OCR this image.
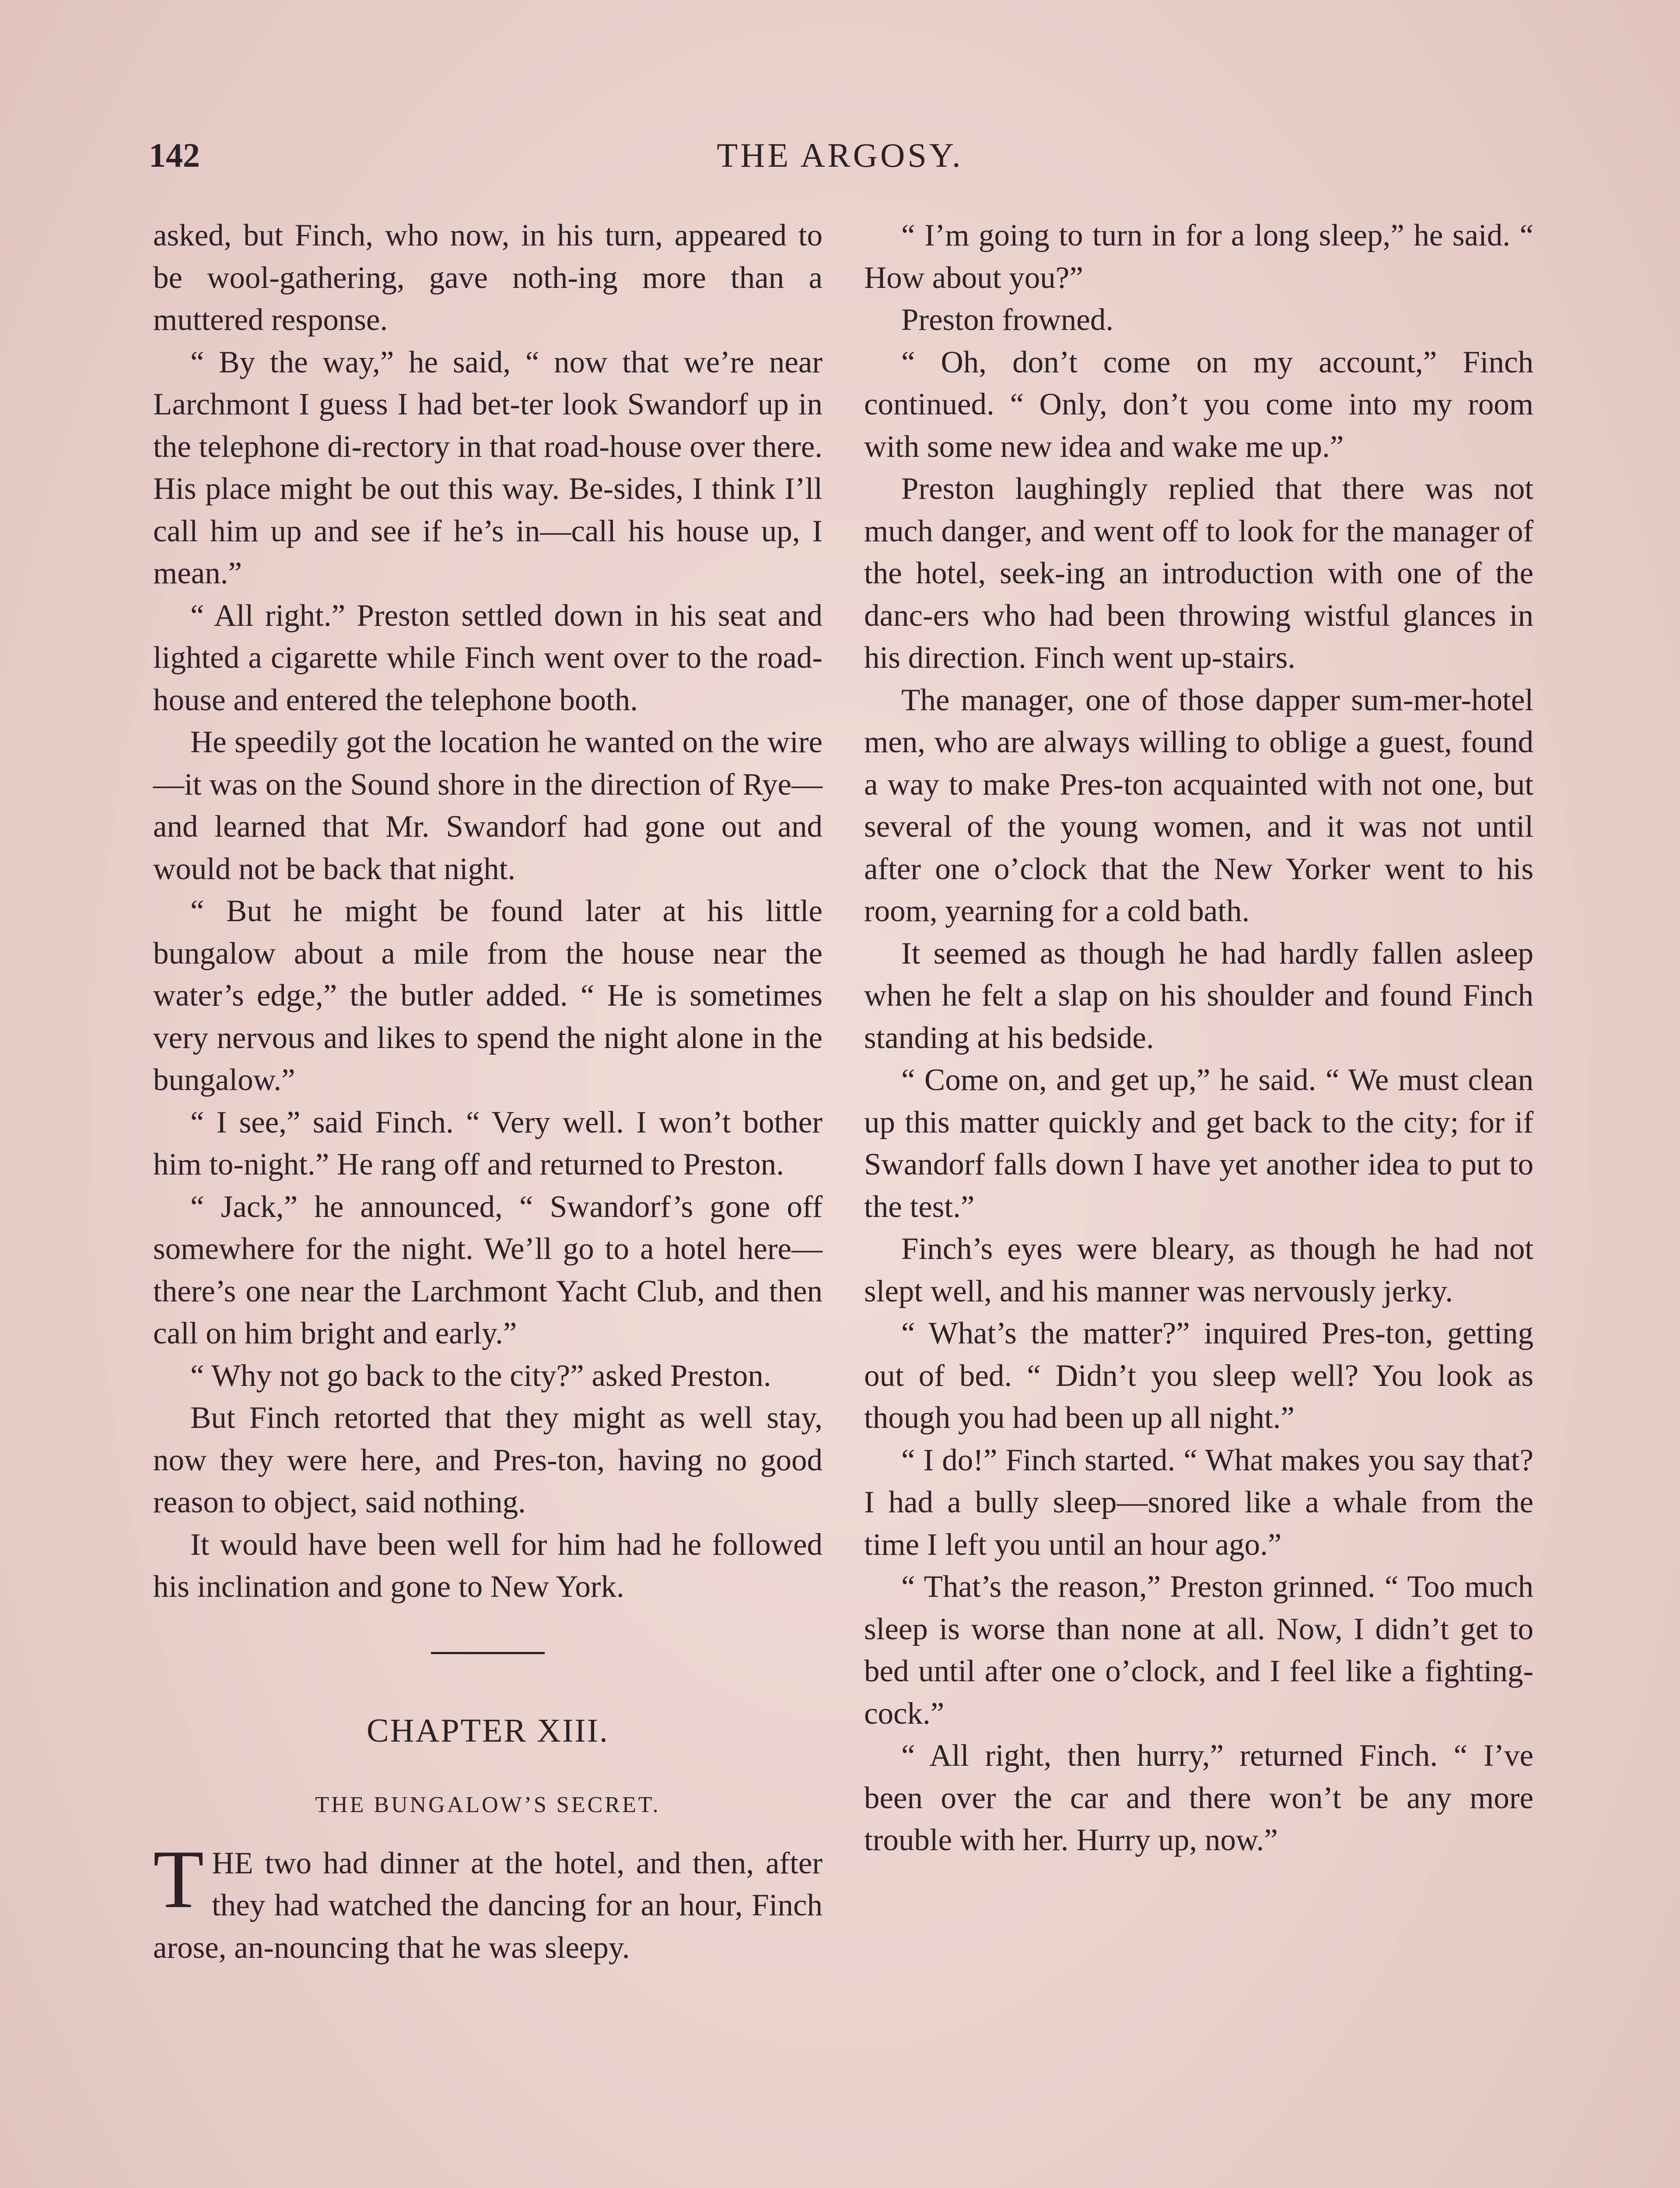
142	THE ARGOSY.

asked, but Finch, who now, in his turn, appeared to be wool-gathering, gave noth-ing more than a muttered response.

“ By the way,” he said, “ now that we’re near Larchmont I guess I had bet-ter look Swandorf up in the telephone di-rectory in that road-house over there. His place might be out this way. Be-sides, I think I’ll call him up and see if he’s in—call his house up, I mean.”

“ All right.” Preston settled down in his seat and lighted a cigarette while Finch went over to the road-house and entered the telephone booth.

He speedily got the location he wanted on the wire—it was on the Sound shore in the direction of Rye—and learned that Mr. Swandorf had gone out and would not be back that night.

“ But he might be found later at his little bungalow about a mile from the house near the water’s edge,” the butler added. “ He is sometimes very nervous and likes to spend the night alone in the bungalow.”

“ I see,” said Finch. “ Very well. I won’t bother him to-night.” He rang off and returned to Preston.

“ Jack,” he announced, “ Swandorf’s gone off somewhere for the night. We’ll go to a hotel here—there’s one near the Larchmont Yacht Club, and then call on him bright and early.”

“ Why not go back to the city?” asked Preston.

But Finch retorted that they might as well stay, now they were here, and Pres-ton, having no good reason to object, said nothing.

It would have been well for him had he followed his inclination and gone to New York.

CHAPTER XIII.
THE BUNGALOW’S SECRET.

THE two had dinner at the hotel, and then, after they had watched the dancing for an hour, Finch arose, an-nouncing that he was sleepy.

“ I’m going to turn in for a long sleep,” he said. “ How about you?”

Preston frowned.

“ Oh, don’t come on my account,” Finch continued. “ Only, don’t you come into my room with some new idea and wake me up.”

Preston laughingly replied that there was not much danger, and went off to look for the manager of the hotel, seek-ing an introduction with one of the danc-ers who had been throwing wistful glances in his direction. Finch went up-stairs.

The manager, one of those dapper sum-mer-hotel men, who are always willing to oblige a guest, found a way to make Pres-ton acquainted with not one, but several of the young women, and it was not until after one o’clock that the New Yorker went to his room, yearning for a cold bath.

It seemed as though he had hardly fallen asleep when he felt a slap on his shoulder and found Finch standing at his bedside.

“ Come on, and get up,” he said. “ We must clean up this matter quickly and get back to the city; for if Swandorf falls down I have yet another idea to put to the test.”

Finch’s eyes were bleary, as though he had not slept well, and his manner was nervously jerky.

“ What’s the matter?” inquired Pres-ton, getting out of bed. “ Didn’t you sleep well? You look as though you had been up all night.”

“ I do!” Finch started. “ What makes you say that? I had a bully sleep—snored like a whale from the time I left you until an hour ago.”

“ That’s the reason,” Preston grinned. “ Too much sleep is worse than none at all. Now, I didn’t get to bed until after one o’clock, and I feel like a fighting-cock.”

“ All right, then hurry,” returned Finch. “ I’ve been over the car and there won’t be any more trouble with her. Hurry up, now.”
